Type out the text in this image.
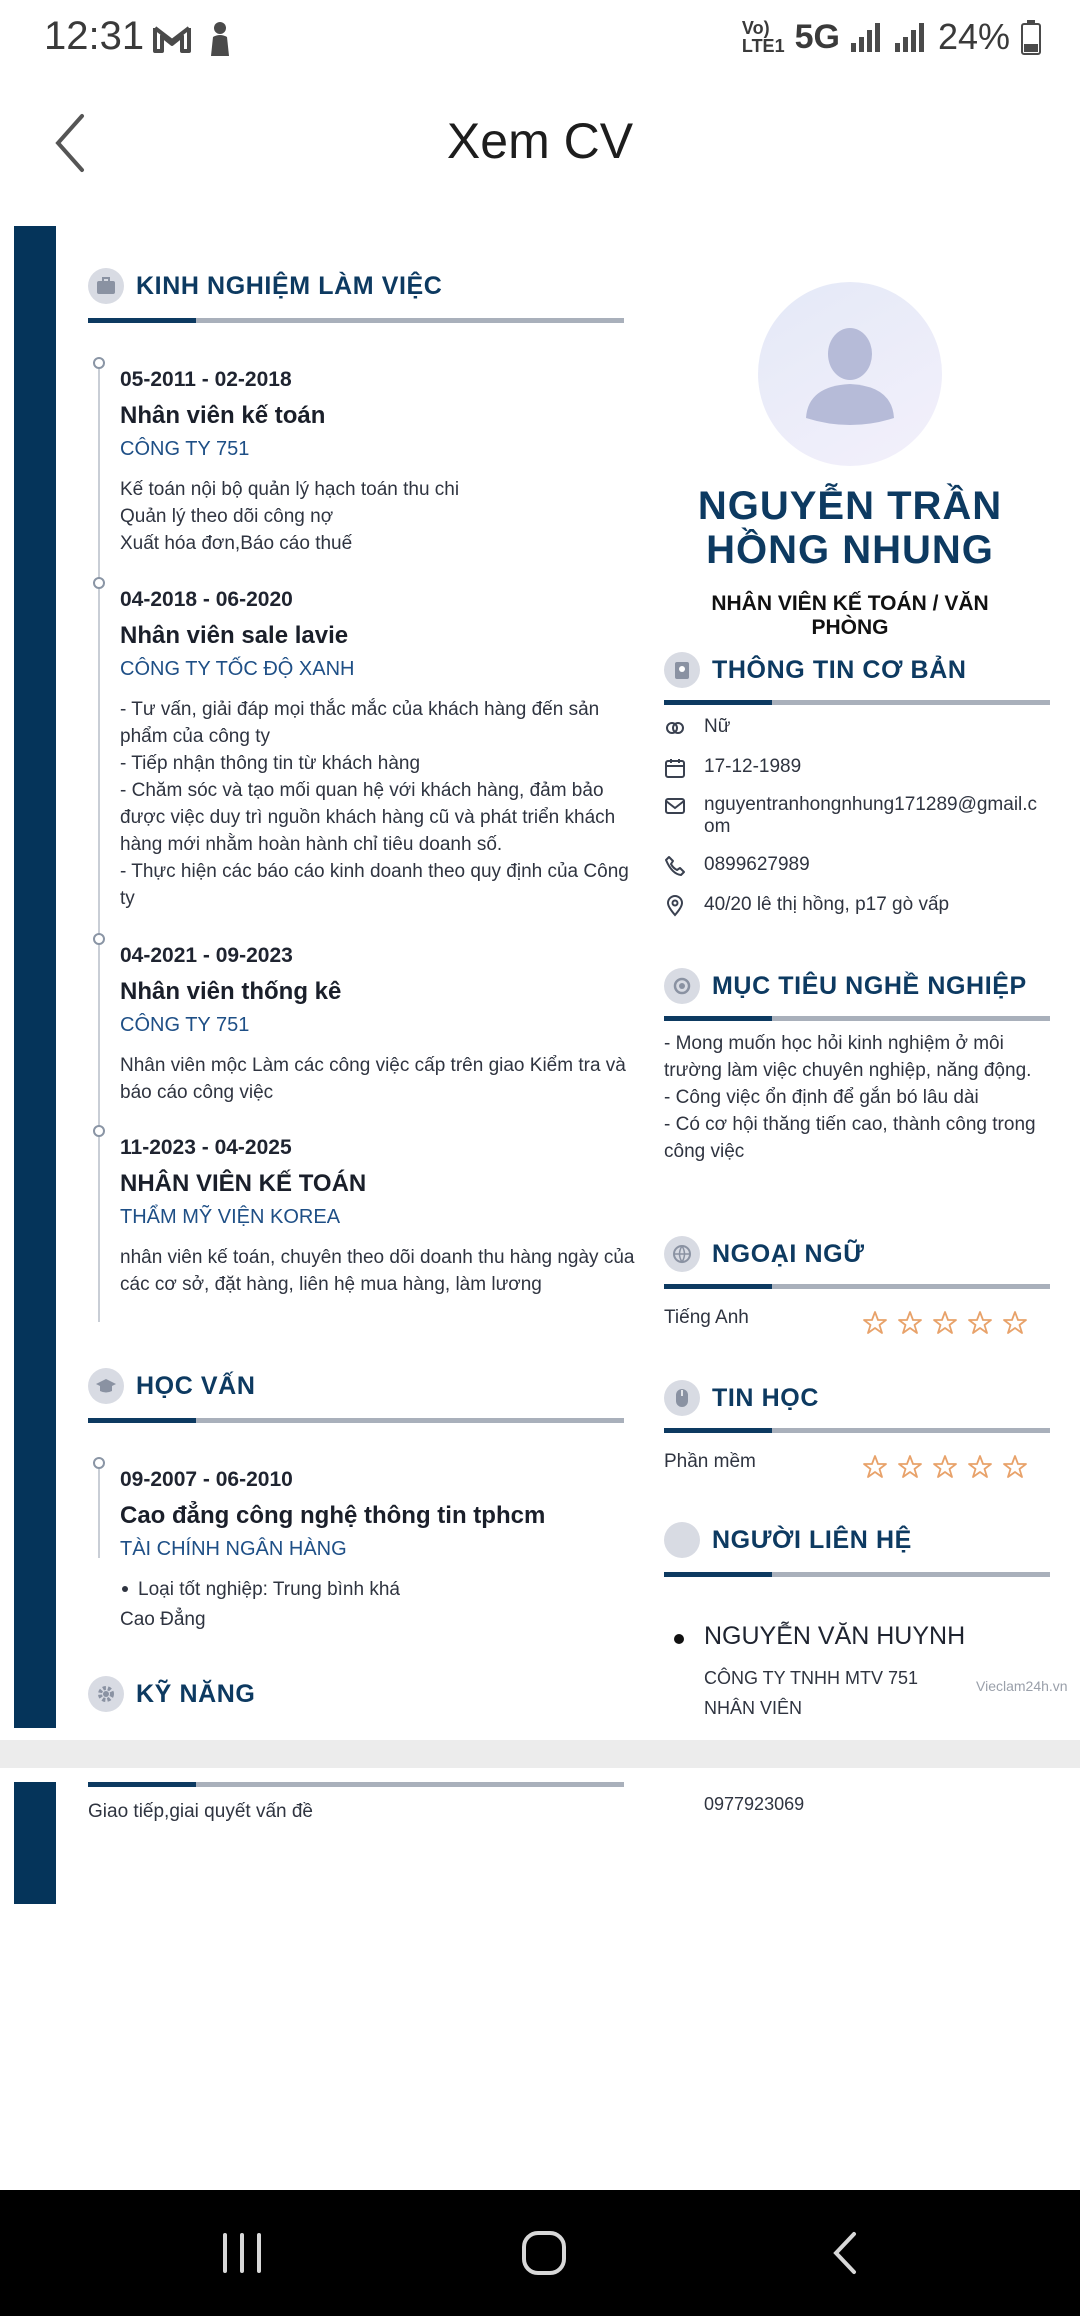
12:31	Vo)
LTE1 5G	24%
Xem CV
KINH NGHIỆM LÀM VIỆC
05-2011 - 02-2018
Nhân viên kế toán
CÔNG TY 751
Kế toán nội bộ quản lý hạch toán thu chi
Quản lý theo dõi công nợ
Xuất hóa đơn,Báo cáo thuế
04-2018 - 06-2020
Nhân viên sale lavie
CÔNG TY TỐC ĐỘ XANH
- Tư vấn, giải đáp mọi thắc mắc của khách hàng đến sản phẩm của công ty
- Tiếp nhận thông tin từ khách hàng
- Chăm sóc và tạo mối quan hệ với khách hàng, đảm bảo được việc duy trì nguồn khách hàng cũ và phát triển khách hàng mới nhằm hoàn hành chỉ tiêu doanh số.
- Thực hiện các báo cáo kinh doanh theo quy định của Công ty
04-2021 - 09-2023
Nhân viên thống kê
CÔNG TY 751
Nhân viên mộc Làm các công việc cấp trên giao Kiểm tra và báo cáo công việc
11-2023 - 04-2025
NHÂN VIÊN KẾ TOÁN
THẨM MỸ VIỆN KOREA
nhân viên kế toán, chuyên theo dõi doanh thu hàng ngày của các cơ sở, đặt hàng, liên hệ mua hàng, làm lương
HỌC VẤN
09-2007 - 06-2010
Cao đẳng công nghệ thông tin tphcm
TÀI CHÍNH NGÂN HÀNG
Loại tốt nghiệp: Trung bình khá
Cao Đẳng
KỸ NĂNG
NGUYỄN TRẦN HỒNG NHUNG
NHÂN VIÊN KẾ TOÁN / VĂN PHÒNG
THÔNG TIN CƠ BẢN
Nữ
17-12-1989
nguyentranhongnhung171289@gmail.com
0899627989
40/20 lê thị hồng, p17 gò vấp
MỤC TIÊU NGHỀ NGHIỆP
- Mong muốn học hỏi kinh nghiệm ở môi trường làm việc chuyên nghiệp, năng động.
- Công việc ổn định để gắn bó lâu dài
- Có cơ hội thăng tiến cao, thành công trong công việc
NGOẠI NGỮ
Tiếng Anh
TIN HỌC
Phần mềm
NGƯỜI LIÊN HỆ
NGUYỄN VĂN HUYNH
CÔNG TY TNHH MTV 751
NHÂN VIÊN
Vieclam24h.vn
Giao tiếp,giai quyết vấn đề	0977923069
